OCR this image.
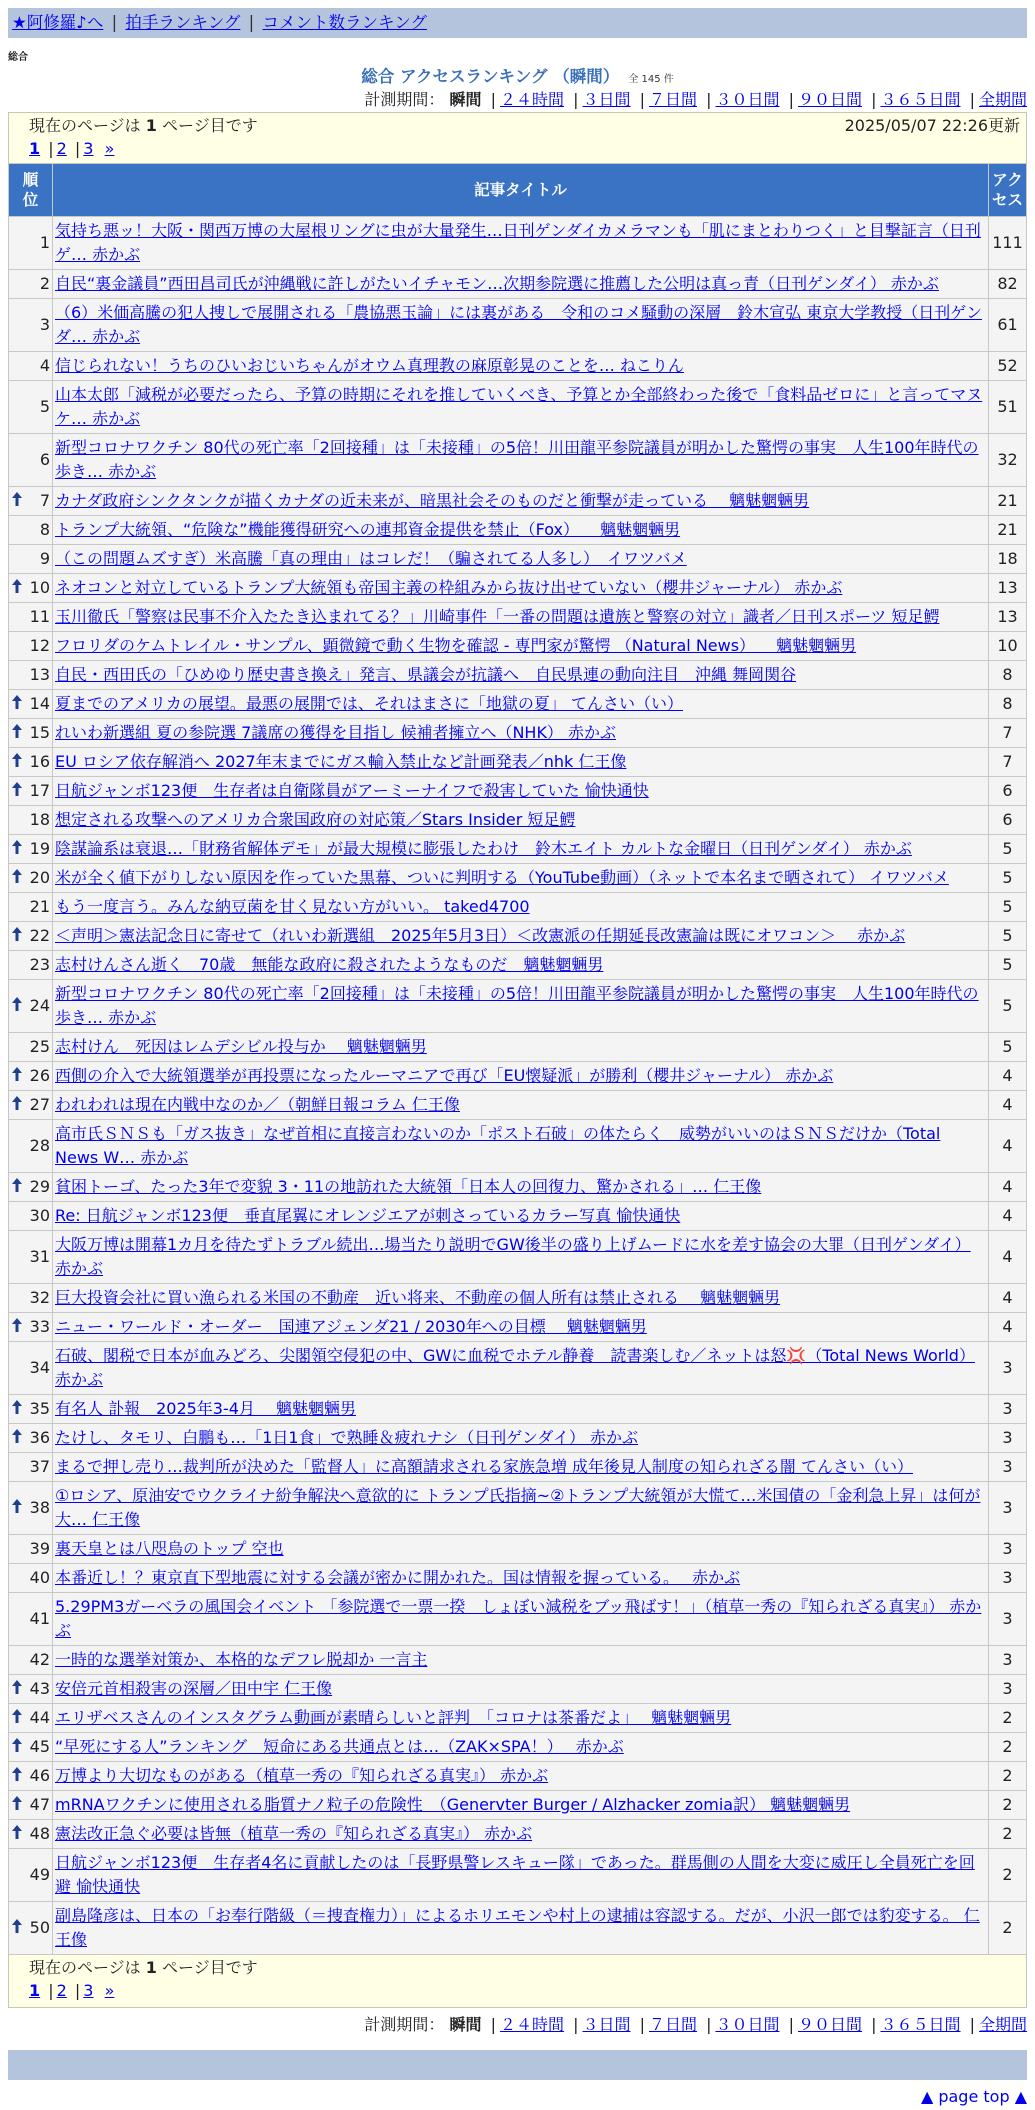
★阿修羅♪へ | 拍手ランキング | コメント数ランキング
総合
総合 アクセスランキング （瞬間） 全 145 件
計測期間： 瞬間 | ２４時間 | ３日間 | ７日間 | ３０日間 | ９０日間 | ３６５日間 | 全期間
現在のページは 1 ページ目です	2025/05/07 22:26更新
1 | 2 | 3 »
順位	記事タイトル	アクセス
1	気持ち悪ッ！大阪・関西万博の大屋根リングに虫が大量発生…日刊ゲンダイカメラマンも「肌にまとわりつく」と目撃証言（日刊ゲ… 赤かぶ	111
2	自民“裏金議員”西田昌司氏が沖縄戦に許しがたいイチャモン…次期参院選に推薦した公明は真っ青（日刊ゲンダイ） 赤かぶ	82
3	（6）米価高騰の犯人捜しで展開される「農協悪玉論」には裏がある　令和のコメ騒動の深層　鈴木宣弘 東京大学教授（日刊ゲンダ… 赤かぶ	61
4	信じられない！うちのひいおじいちゃんがオウム真理教の麻原彰晃のことを… ねこりん	52
5	山本太郎「減税が必要だったら、予算の時期にそれを推していくべき、予算とか全部終わった後で「食料品ゼロに」と言ってマヌケ… 赤かぶ	51
6	新型コロナワクチン 80代の死亡率「2回接種」は「未接種」の5倍！川田龍平参院議員が明かした驚愕の事実　人生100年時代の歩き… 赤かぶ	32

7	カナダ政府シンクタンクが描くカナダの近未来が、暗黒社会そのものだと衝撃が走っている　 魑魅魍魎男	21
8	トランプ大統領、“危険な”機能獲得研究への連邦資金提供を禁止（Fox） 　魑魅魍魎男	21
9	（この問題ムズすぎ）米高騰「真の理由」はコレだ！（騙されてる人多し）　イワツバメ	18

10	ネオコンと対立しているトランプ大統領も帝国主義の枠組みから抜け出せていない（櫻井ジャーナル） 赤かぶ	13
11	玉川徹氏「警察は民事不介入たたき込まれてる？」川崎事件「一番の問題は遺族と警察の対立」識者／日刊スポーツ 短足鰐	13
12	フロリダのケムトレイル・サンプル、顕微鏡で動く生物を確認 - 専門家が驚愕 （Natural News） 　魑魅魍魎男	10
13	自民・西田氏の「ひめゆり歴史書き換え」発言、県議会が抗議へ　自民県連の動向注目　沖縄 舞岡関谷	8

14	夏までのアメリカの展望。最悪の展開では、それはまさに「地獄の夏」 てんさい（い）	8

15	れいわ新選組 夏の参院選 7議席の獲得を目指し 候補者擁立へ（NHK） 赤かぶ	7

16	EU ロシア依存解消へ 2027年末までにガス輸入禁止など計画発表／nhk 仁王像	7

17	日航ジャンボ123便　生存者は自衛隊員がアーミーナイフで殺害していた 愉快通快	6
18	想定される攻撃へのアメリカ合衆国政府の対応策／Stars Insider 短足鰐	6

19	陰謀論系は衰退…「財務省解体デモ」が最大規模に膨張したわけ　鈴木エイト カルトな金曜日（日刊ゲンダイ） 赤かぶ	5

20	米が全く値下がりしない原因を作っていた黒幕、ついに判明する（YouTube動画）（ネットで本名まで晒されて） イワツバメ	5
21	もう一度言う。みんな納豆菌を甘く見ない方がいい。 taked4700	5

22	＜声明＞憲法記念日に寄せて（れいわ新選組　2025年5月3日）＜改憲派の任期延長改憲論は既にオワコン＞　 赤かぶ	5
23	志村けんさん逝く　70歳　無能な政府に殺されたようなものだ　魑魅魍魎男	5

24	新型コロナワクチン 80代の死亡率「2回接種」は「未接種」の5倍！川田龍平参院議員が明かした驚愕の事実　人生100年時代の歩き… 赤かぶ	5
25	志村けん　死因はレムデシビル投与か　 魑魅魍魎男	5

26	西側の介入で大統領選挙が再投票になったルーマニアで再び「EU懐疑派」が勝利（櫻井ジャーナル） 赤かぶ	4

27	われわれは現在内戦中なのか／（朝鮮日報コラム 仁王像	4
28	高市氏ＳＮＳも「ガス抜き」なぜ首相に直接言わないのか「ポスト石破」の体たらく　威勢がいいのはＳＮＳだけか（Total News W… 赤かぶ	4

29	貧困トーゴ、たった3年で変貌 3・11の地訪れた大統領「日本人の回復力、驚かされる」… 仁王像	4
30	Re: 日航ジャンボ123便　垂直尾翼にオレンジエアが刺さっているカラー写真 愉快通快	4
31	大阪万博は開幕1カ月を待たずトラブル続出…場当たり説明でGW後半の盛り上げムードに水を差す協会の大罪（日刊ゲンダイ） 赤かぶ	4
32	巨大投資会社に買い漁られる米国の不動産　近い将来、不動産の個人所有は禁止される　 魑魅魍魎男	4

33	ニュー・ワールド・オーダー　国連アジェンダ21 / 2030年への目標　 魑魅魍魎男	4
34	石破、閣税で日本が血みどろ、尖閣領空侵犯の中、GWに血税でホテル静養　読書楽しむ／ネットは怒💢（Total News World） 赤かぶ	3

35	有名人 訃報　2025年3-4月　 魑魅魍魎男	3

36	たけし、タモリ、白鵬も…「1日1食」で熟睡＆疲れナシ（日刊ゲンダイ） 赤かぶ	3
37	まるで押し売り…裁判所が決めた「監督人」に高額請求される家族急増 成年後見人制度の知られざる闇 てんさい（い）	3

38	①ロシア、原油安でウクライナ紛争解決へ意欲的に トランプ氏指摘~②トランプ大統領が大慌て…米国債の「金利急上昇」は何が大… 仁王像	3
39	裏天皇とは八咫烏のトップ 空也	3
40	本番近し！？東京直下型地震に対する会議が密かに開かれた。国は情報を握っている。　 赤かぶ	3
41	5.29PM3ガーベラの風国会イベント 「参院選で一票一揆　しょぼい減税をブッ飛ばす！」（植草一秀の『知られざる真実』） 赤かぶ	3
42	一時的な選挙対策か、本格的なデフレ脱却か 一言主	3

43	安倍元首相殺害の深層／田中宇 仁王像	3

44	エリザベスさんのインスタグラム動画が素晴らしいと評判　「コロナは茶番だよ」　 魑魅魍魎男	2

45	“早死にする人”ランキング　短命にある共通点とは…（ZAK×SPA！）　 赤かぶ	2

46	万博より大切なものがある（植草一秀の『知られざる真実』） 赤かぶ	2

47	mRNAワクチンに使用される脂質ナノ粒子の危険性　（Genervter Burger / Alzhacker zomia訳） 魑魅魍魎男	2

48	憲法改正急ぐ必要は皆無（植草一秀の『知られざる真実』） 赤かぶ	2
49	日航ジャンボ123便　生存者4名に貢献したのは「長野県警レスキュー隊」であった。群馬側の人間を大変に威圧し全員死亡を回避 愉快通快	2

50	副島隆彦は、日本の「お奉行階級（＝捜査権力）」によるホリエモンや村上の逮捕は容認する。だが、小沢一郎では豹変する。 仁王像	2
現在のページは 1 ページ目です
1 | 2 | 3 »
計測期間： 瞬間 | ２４時間 | ３日間 | ７日間 | ３０日間 | ９０日間 | ３６５日間 | 全期間
▲ page top ▲
